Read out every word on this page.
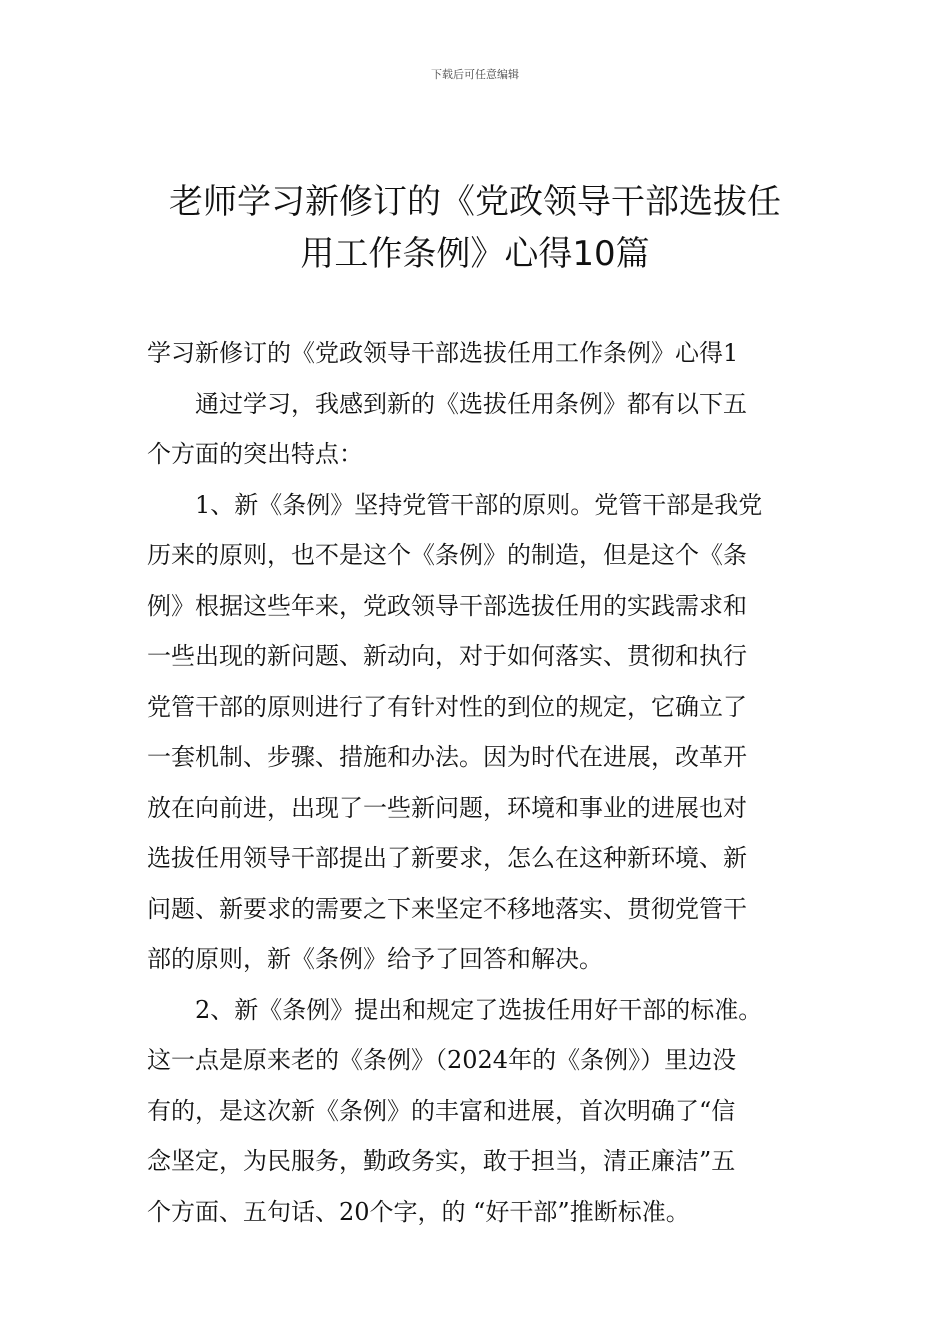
下载后可任意编辑
老师学习新修订的《党政领导干部选拔任
用工作条例》心得10篇

学习新修订的《党政领导干部选拔任用工作条例》心得1

通过学习，我感到新的《选拔任用条例》都有以下五
个方面的突出特点：

1、新《条例》坚持党管干部的原则。党管干部是我党
历来的原则，也不是这个《条例》的制造，但是这个《条
例》根据这些年来，党政领导干部选拔任用的实践需求和
一些出现的新问题、新动向，对于如何落实、贯彻和执行
党管干部的原则进行了有针对性的到位的规定，它确立了
一套机制、步骤、措施和办法。因为时代在进展，改革开
放在向前进，出现了一些新问题，环境和事业的进展也对
选拔任用领导干部提出了新要求，怎么在这种新环境、新
问题、新要求的需要之下来坚定不移地落实、贯彻党管干
部的原则，新《条例》给予了回答和解决。

2、新《条例》提出和规定了选拔任用好干部的标准。
这一点是原来老的《条例》（2024年的《条例》）里边没
有的，是这次新《条例》的丰富和进展，首次明确了“信
念坚定，为民服务，勤政务实，敢于担当，清正廉洁”五
个方面、五句话、20个字，的 “好干部”推断标准。
